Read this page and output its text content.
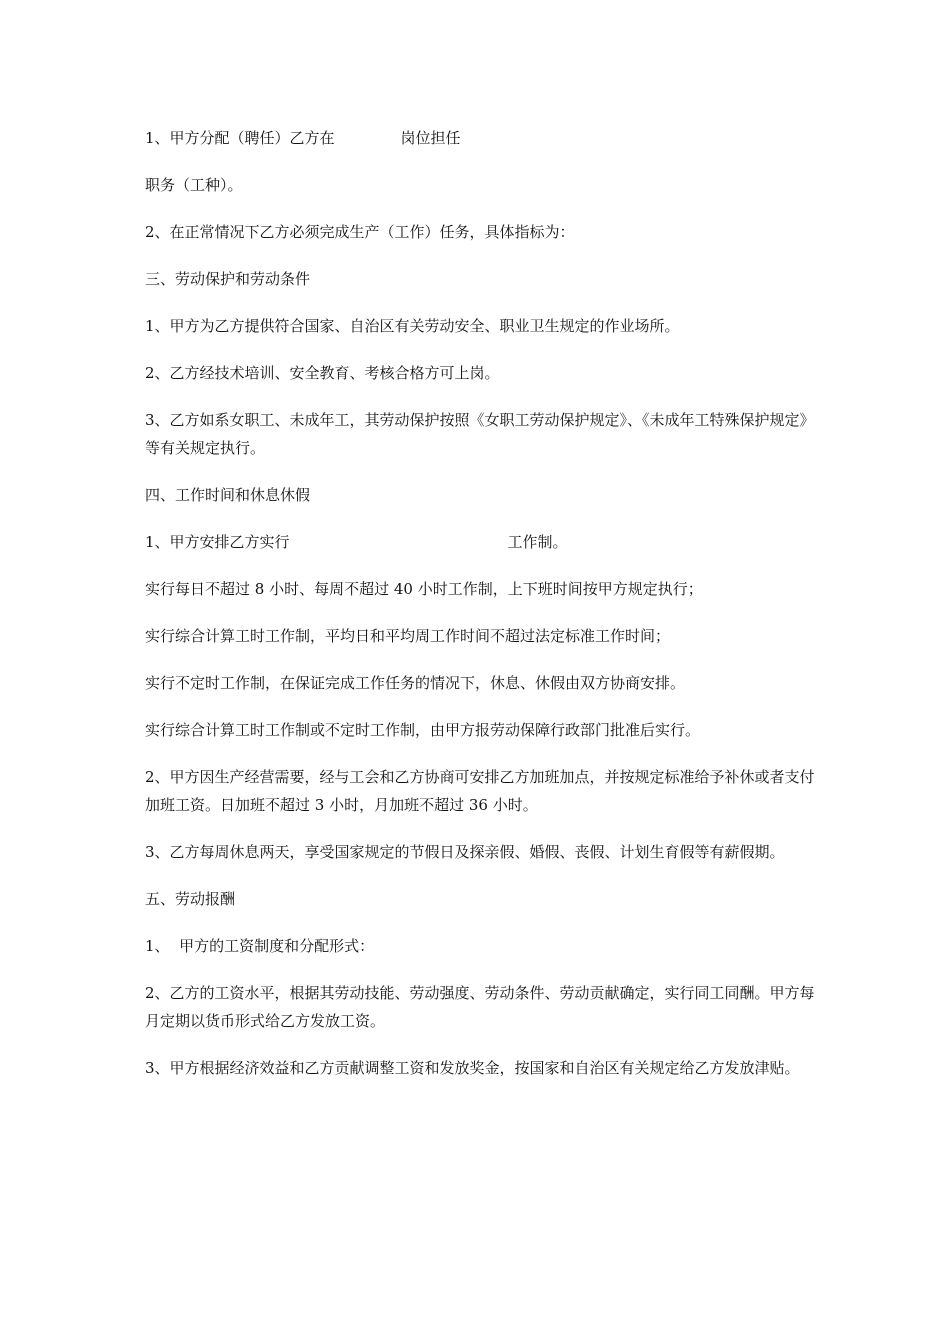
1、甲方分配（聘任）乙方在	岗位担任

职务（工种）。

2、在正常情况下乙方必须完成生产（工作）任务，具体指标为：

三、劳动保护和劳动条件

1、甲方为乙方提供符合国家、自治区有关劳动安全、职业卫生规定的作业场所。

2、乙方经技术培训、安全教育、考核合格方可上岗。

3、乙方如系女职工、未成年工，其劳动保护按照《女职工劳动保护规定》、《未成年工特殊保护规定》等有关规定执行。

四、工作时间和休息休假

1、甲方安排乙方实行	工作制。

实行每日不超过 8 小时、每周不超过 40 小时工作制，上下班时间按甲方规定执行；

实行综合计算工时工作制，平均日和平均周工作时间不超过法定标准工作时间；

实行不定时工作制，在保证完成工作任务的情况下，休息、休假由双方协商安排。

实行综合计算工时工作制或不定时工作制，由甲方报劳动保障行政部门批准后实行。

2、甲方因生产经营需要，经与工会和乙方协商可安排乙方加班加点，并按规定标准给予补休或者支付加班工资。日加班不超过 3 小时，月加班不超过 36 小时。

3、乙方每周休息两天，享受国家规定的节假日及探亲假、婚假、丧假、计划生育假等有薪假期。

五、劳动报酬

1、  甲方的工资制度和分配形式：

2、乙方的工资水平，根据其劳动技能、劳动强度、劳动条件、劳动贡献确定，实行同工同酬。甲方每月定期以货币形式给乙方发放工资。

3、甲方根据经济效益和乙方贡献调整工资和发放奖金，按国家和自治区有关规定给乙方发放津贴。
